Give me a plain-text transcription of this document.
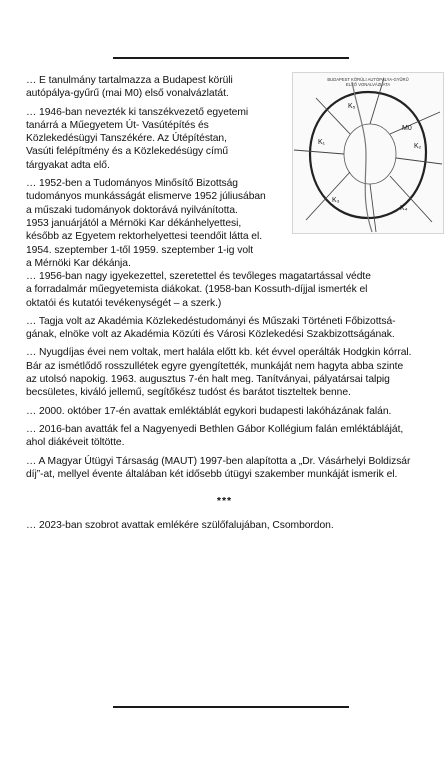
… E tanulmány tartalmazza a Budapest körüli
autópálya-gyűrű (mai M0) első vonalvázlatát.

… 1946-ban nevezték ki tanszékvezető egyetemi
tanárrá a Műegyetem Út- Vasútépítés és
Közlekedésügyi Tanszékére. Az Útépítéstan,
Vasúti felépítmény és a Közlekedésügy című
tárgyakat adta elő.

… 1952-ben a Tudományos Minősítő Bizottság
tudományos munkásságát elismerve 1952 júliusában
a műszaki tudományok doktorává nyilvánította.
1953 januárjától a Mérnöki Kar dékánhelyettesi,
később az Egyetem rektorhelyettesi teendőit látta el.
1954. szeptember 1-től 1959. szeptember 1-ig volt
a Mérnöki Kar dékánja.

BUDAPEST KÖRÜLI AUTÓPÁLYA-GYŰRŰ
ELSŐ VONALVÁZLATA
M0
K₁
K₂
K₃
K₄
K₅

… 1956-ban nagy igyekezettel, szeretettel és tevőleges magatartással védte
a forradalmár műegyetemista diákokat. (1958-ban Kossuth-díjjal ismerték el
oktatói és kutatói tevékenységét – a szerk.)

… Tagja volt az Akadémia Közlekedéstudományi és Műszaki Történeti Főbizottsá-
gának, elnöke volt az Akadémia Közúti és Városi Közlekedési Szakbizottságának.

… Nyugdíjas évei nem voltak, mert halála előtt kb. két évvel operálták Hodgkin kórral.
Bár az ismétlődő rosszullétek egyre gyengítették, munkáját nem hagyta abba szinte
az utolsó napokig. 1963. augusztus 7-én halt meg. Tanítványai, pályatársai talpig
becsületes, kiváló jellemű, segítőkész tudóst és barátot tiszteltek benne.

… 2000. október 17-én avattak emléktáblát egykori budapesti lakóházának falán.

… 2016-ban avatták fel a Nagyenyedi Bethlen Gábor Kollégium falán emléktábláját,
ahol diákéveit töltötte.

… A Magyar Útügyi Társaság (MAUT) 1997-ben alapította a „Dr. Vásárhelyi Boldizsár
díj”-at, mellyel évente általában két idősebb útügyi szakember munkáját ismerik el.

***

… 2023-ban szobrot avattak emlékére szülőfalujában, Csombordon.
